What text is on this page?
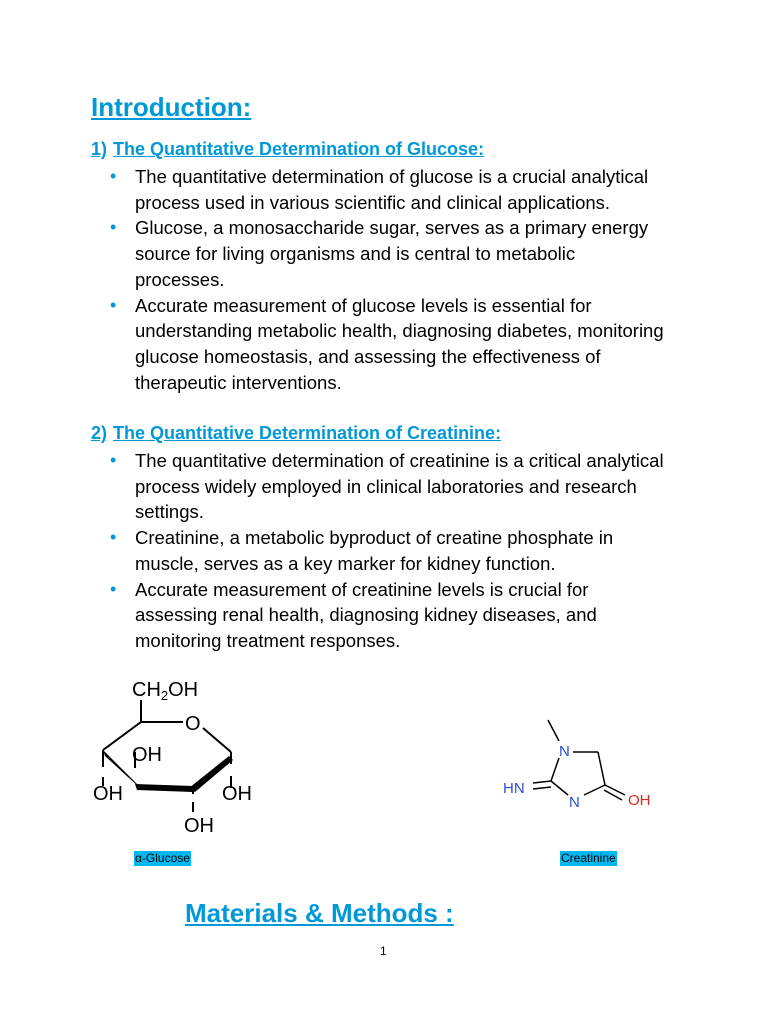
Introduction:
1) The Quantitative Determination of Glucose:
• The quantitative determination of glucose is a crucial analytical process used in various scientific and clinical applications.
• Glucose, a monosaccharide sugar, serves as a primary energy source for living organisms and is central to metabolic processes.
• Accurate measurement of glucose levels is essential for understanding metabolic health, diagnosing diabetes, monitoring glucose homeostasis, and assessing the effectiveness of therapeutic interventions.
2) The Quantitative Determination of Creatinine:
• The quantitative determination of creatinine is a critical analytical process widely employed in clinical laboratories and research settings.
• Creatinine, a metabolic byproduct of creatine phosphate in muscle, serves as a key marker for kidney function.
• Accurate measurement of creatinine levels is crucial for assessing renal health, diagnosing kidney diseases, and monitoring treatment responses.
$CH_2OH$
O
OH
OH	OH
OH
N
N
HN
OH
α-Glucose	Creatinine
Materials & Methods :
1
